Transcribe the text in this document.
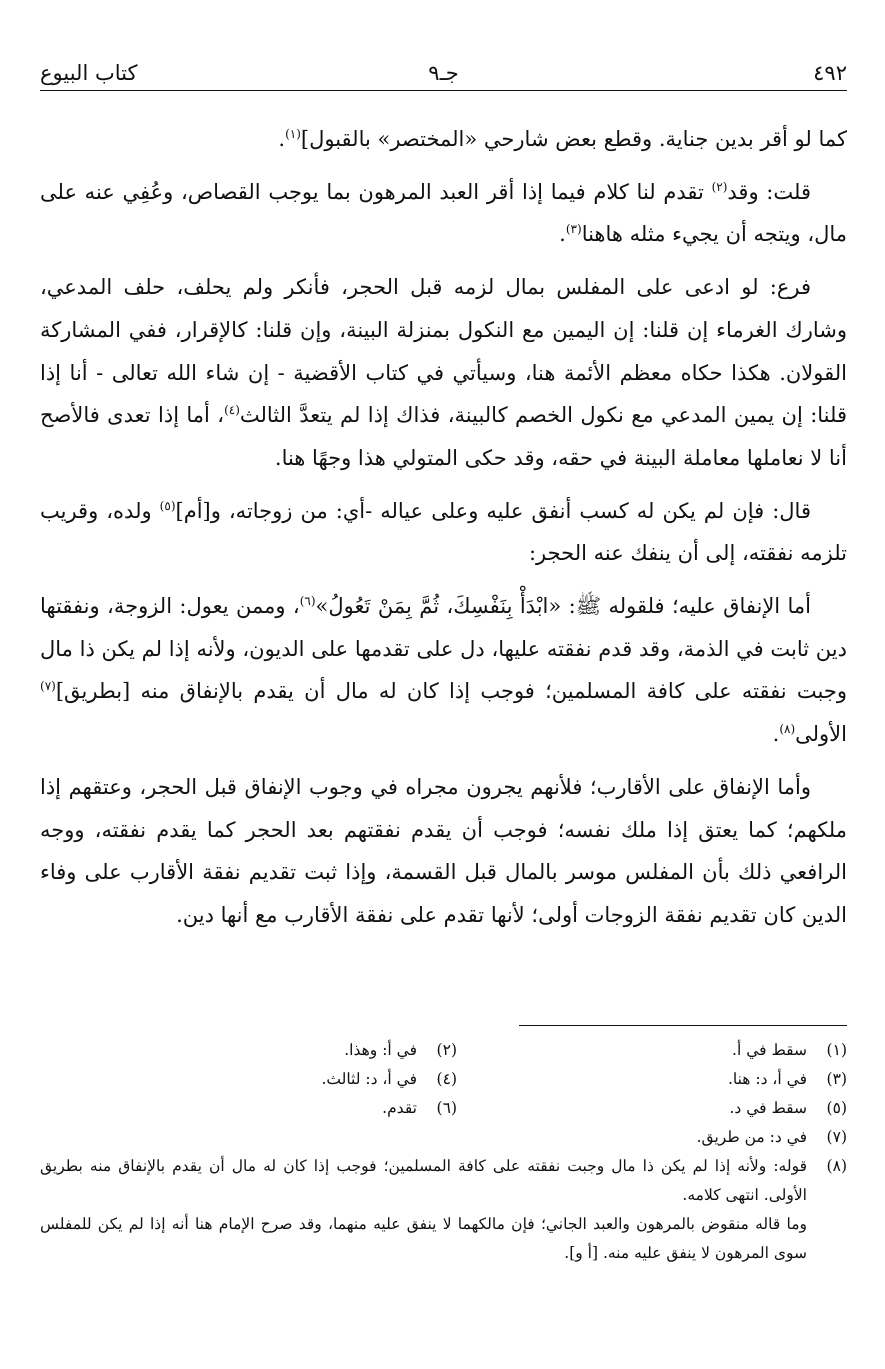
٤٩٢
جـ٩
كتاب البيوع

كما لو أقر بدين جناية. وقطع بعض شارحي «المختصر» بالقبول]$^{(١)}$.

قلت: وقد$^{(٢)}$ تقدم لنا كلام فيما إذا أقر العبد المرهون بما يوجب القصاص، وعُفِي عنه على مال، ويتجه أن يجيء مثله هاهنا$^{(٣)}$.

فرع: لو ادعى على المفلس بمال لزمه قبل الحجر، فأنكر ولم يحلف، حلف المدعي، وشارك الغرماء إن قلنا: إن اليمين مع النكول بمنزلة البينة، وإن قلنا: كالإقرار، ففي المشاركة القولان. هكذا حكاه معظم الأئمة هنا، وسيأتي في كتاب الأقضية - إن شاء الله تعالى - أنا إذا قلنا: إن يمين المدعي مع نكول الخصم كالبينة، فذاك إذا لم يتعدَّ الثالث$^{(٤)}$، أما إذا تعدى فالأصح أنا لا نعاملها معاملة البينة في حقه، وقد حكى المتولي هذا وجهًا هنا.

قال: فإن لم يكن له كسب أنفق عليه وعلى عياله -أي: من زوجاته، و[أم]$^{(٥)}$ ولده، وقريب تلزمه نفقته، إلى أن ينفك عنه الحجر:

أما الإنفاق عليه؛ فلقوله ﷺ: «ابْدَأْ بِنَفْسِكَ، ثُمَّ بِمَنْ تَعُولُ»$^{(٦)}$، وممن يعول: الزوجة، ونفقتها دين ثابت في الذمة، وقد قدم نفقته عليها، دل على تقدمها على الديون، ولأنه إذا لم يكن ذا مال وجبت نفقته على كافة المسلمين؛ فوجب إذا كان له مال أن يقدم بالإنفاق منه [بطريق]$^{(٧)}$ الأولى$^{(٨)}$.

وأما الإنفاق على الأقارب؛ فلأنهم يجرون مجراه في وجوب الإنفاق قبل الحجر، وعتقهم إذا ملكهم؛ كما يعتق إذا ملك نفسه؛ فوجب أن يقدم نفقتهم بعد الحجر كما يقدم نفقته، ووجه الرافعي ذلك بأن المفلس موسر بالمال قبل القسمة، وإذا ثبت تقديم نفقة الأقارب على وفاء الدين كان تقديم نفقة الزوجات أولى؛ لأنها تقدم على نفقة الأقارب مع أنها دين.

(١)
سقط في أ.
(٢)
في أ: وهذا.
(٣)
في أ، د: هنا.
(٤)
في أ، د: لثالث.
(٥)
سقط في د.
(٦)
تقدم.
(٧)
في د: من طريق.
(٨)
قوله: ولأنه إذا لم يكن ذا مال وجبت نفقته على كافة المسلمين؛ فوجب إذا كان له مال أن يقدم بالإنفاق منه بطريق الأولى. انتهى كلامه.
وما قاله منقوض بالمرهون والعبد الجاني؛ فإن مالكهما لا ينفق عليه منهما، وقد صرح الإمام هنا أنه إذا لم يكن للمفلس سوى المرهون لا ينفق عليه منه. [أ و].
